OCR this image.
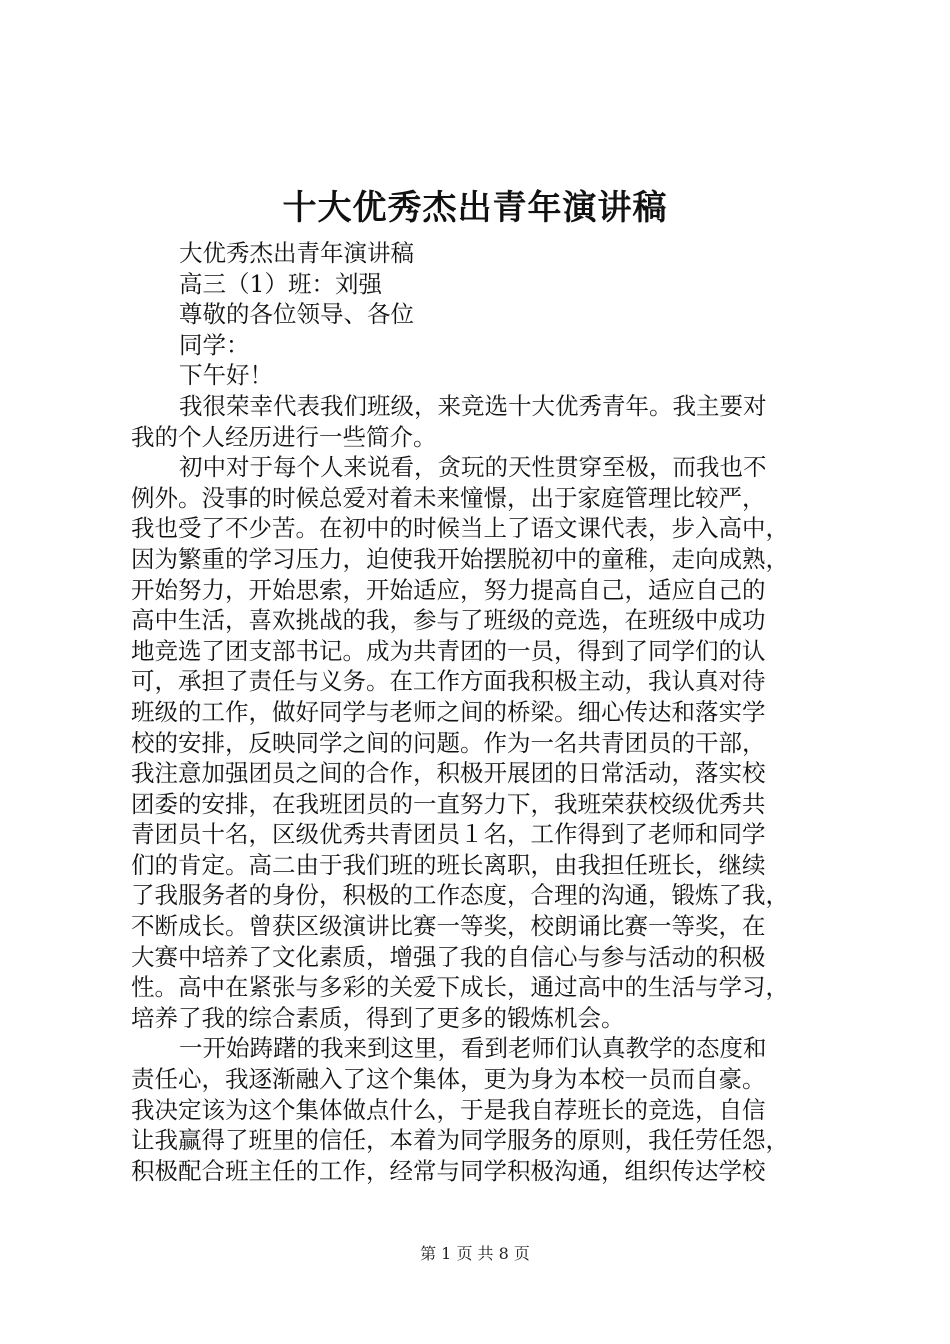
十大优秀杰出青年演讲稿
大优秀杰出青年演讲稿
高三（1）班：刘强
尊敬的各位领导、各位
同学：
下午好！
我很荣幸代表我们班级，来竞选十大优秀青年。我主要对
我的个人经历进行一些简介。
初中对于每个人来说看，贪玩的天性贯穿至极，而我也不
例外。没事的时候总爱对着未来憧憬，出于家庭管理比较严，
我也受了不少苦。在初中的时候当上了语文课代表，步入高中，
因为繁重的学习压力，迫使我开始摆脱初中的童稚，走向成熟，
开始努力，开始思索，开始适应，努力提高自己，适应自己的
高中生活，喜欢挑战的我，参与了班级的竞选，在班级中成功
地竞选了团支部书记。成为共青团的一员，得到了同学们的认
可，承担了责任与义务。在工作方面我积极主动，我认真对待
班级的工作，做好同学与老师之间的桥梁。细心传达和落实学
校的安排，反映同学之间的问题。作为一名共青团员的干部，
我注意加强团员之间的合作，积极开展团的日常活动，落实校
团委的安排，在我班团员的一直努力下，我班荣获校级优秀共
青团员十名，区级优秀共青团员１名，工作得到了老师和同学
们的肯定。高二由于我们班的班长离职，由我担任班长，继续
了我服务者的身份，积极的工作态度，合理的沟通，锻炼了我，
不断成长。曾获区级演讲比赛一等奖，校朗诵比赛一等奖，在
大赛中培养了文化素质，增强了我的自信心与参与活动的积极
性。高中在紧张与多彩的关爱下成长，通过高中的生活与学习，
培养了我的综合素质，得到了更多的锻炼机会。
一开始踌躇的我来到这里，看到老师们认真教学的态度和
责任心，我逐渐融入了这个集体，更为身为本校一员而自豪。
我决定该为这个集体做点什么，于是我自荐班长的竞选，自信
让我赢得了班里的信任，本着为同学服务的原则，我任劳任怨，
积极配合班主任的工作，经常与同学积极沟通，组织传达学校
第 1 页 共 8 页
